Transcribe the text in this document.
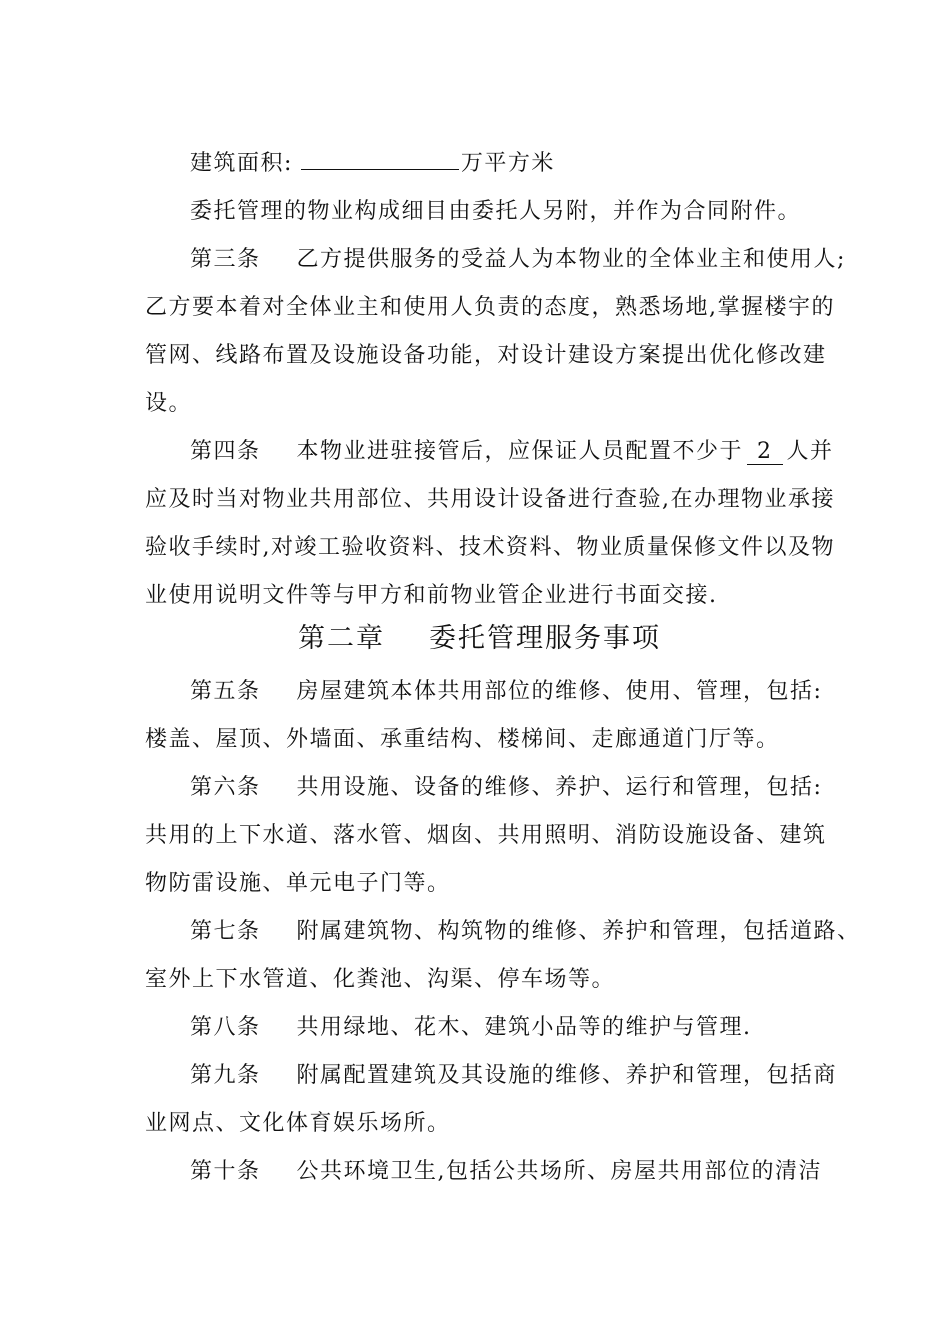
建筑面积:	万平方米
委托管理的物业构成细目由委托人另附，并作为合同附件。
第三条 乙方提供服务的受益人为本物业的全体业主和使用人;
乙方要本着对全体业主和使用人负责的态度，熟悉场地,掌握楼宇的
管网、线路布置及设施设备功能，对设计建设方案提出优化修改建
设。
第四条 本物业进驻接管后，应保证人员配置不少于 2 人并
应及时当对物业共用部位、共用设计设备进行查验,在办理物业承接
验收手续时,对竣工验收资料、技术资料、物业质量保修文件以及物
业使用说明文件等与甲方和前物业管企业进行书面交接.
第二章 委托管理服务事项
第五条 房屋建筑本体共用部位的维修、使用、管理，包括:
楼盖、屋顶、外墙面、承重结构、楼梯间、走廊通道门厅等。
第六条 共用设施、设备的维修、养护、运行和管理，包括:
共用的上下水道、落水管、烟囱、共用照明、消防设施设备、建筑
物防雷设施、单元电子门等。
第七条 附属建筑物、构筑物的维修、养护和管理，包括道路、
室外上下水管道、化粪池、沟渠、停车场等。
第八条 共用绿地、花木、建筑小品等的维护与管理.
第九条 附属配置建筑及其设施的维修、养护和管理，包括商
业网点、文化体育娱乐场所。
第十条 公共环境卫生,包括公共场所、房屋共用部位的清洁
